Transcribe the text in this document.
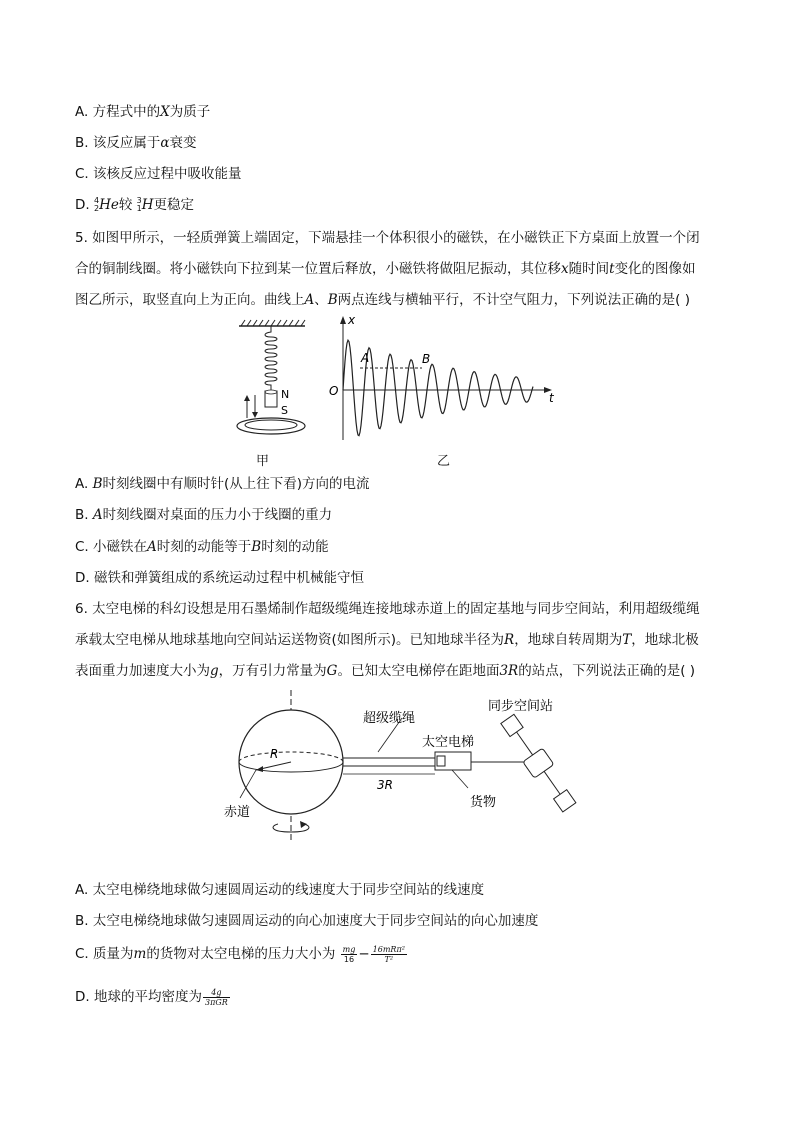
A. 方程式中的X为质子
B. 该反应属于α衰变
C. 该核反应过程中吸收能量
D. 4
2 He较 3
1 H更稳定
5. 如图甲所示，一轻质弹簧上端固定，下端悬挂一个体积很小的磁铁，在小磁铁正下方桌面上放置一个闭
合的铜制线圈。将小磁铁向下拉到某一位置后释放，小磁铁将做阻尼振动，其位移x随时间t变化的图像如
图乙所示，取竖直向上为正向。曲线上A、B两点连线与横轴平行，不计空气阻力，下列说法正确的是( )
N
S
甲
x
t
O
A	B
乙
A. B时刻线圈中有顺时针(从上往下看)方向的电流
B. A时刻线圈对桌面的压力小于线圈的重力
C. 小磁铁在A时刻的动能等于B时刻的动能
D. 磁铁和弹簧组成的系统运动过程中机械能守恒
6. 太空电梯的科幻设想是用石墨烯制作超级缆绳连接地球赤道上的固定基地与同步空间站，利用超级缆绳
承载太空电梯从地球基地向空间站运送物资(如图所示)。已知地球半径为R，地球自转周期为T，地球北极
表面重力加速度大小为g，万有引力常量为G。已知太空电梯停在距地面3R的站点，下列说法正确的是( )
R
赤道
超级缆绳
3R
太空电梯
货物
同步空间站
A. 太空电梯绕地球做匀速圆周运动的线速度大于同步空间站的线速度
B. 太空电梯绕地球做匀速圆周运动的向心加速度大于同步空间站的向心加速度
C. 质量为m的货物对太空电梯的压力大小为 $\frac{mg}{16} - \frac{\text{16mRπ²}}{\text{T²}}$
D. 地球的平均密度为 $\frac{4g}{\text{3πGR}}$
